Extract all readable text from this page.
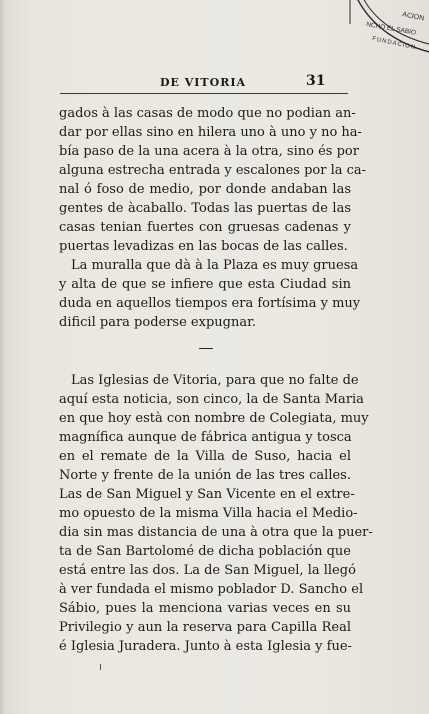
ACION
NCHO EL SABIO
FUNDACION
DE VITORIA	31
gados à las casas de modo que no podian an-
dar por ellas sino en hilera uno à uno y no ha-
bía paso de la una acera à la otra, sino és por
alguna estrecha entrada y escalones por la ca-
nal ó foso de medio, por donde andaban las
gentes de àcaballo. Todas las puertas de las
casas tenian fuertes con gruesas cadenas y
puertas levadizas en las bocas de las calles.
La muralla que dà à la Plaza es muy gruesa
y alta de que se infiere que esta Ciudad sin
duda en aquellos tiempos era fortísima y muy
dificil para poderse expugnar.
Las Iglesias de Vitoria, para que no falte de
aquí esta noticia, son cinco, la de Santa Maria
en que hoy està con nombre de Colegiata, muy
magnífica aunque de fábrica antigua y tosca
en el remate de la Villa de Suso, hacia el
Norte y frente de la unión de las tres calles.
Las de San Miguel y San Vicente en el extre-
mo opuesto de la misma Villa hacia el Medio-
dia sin mas distancia de una à otra que la puer-
ta de San Bartolomé de dicha población que
está entre las dos. La de San Miguel, la llegó
à ver fundada el mismo poblador D. Sancho el
Sábio, pues la menciona varias veces en su
Privilegio y aun la reserva para Capilla Real
é Iglesia Juradera. Junto à esta Iglesia y fue-
